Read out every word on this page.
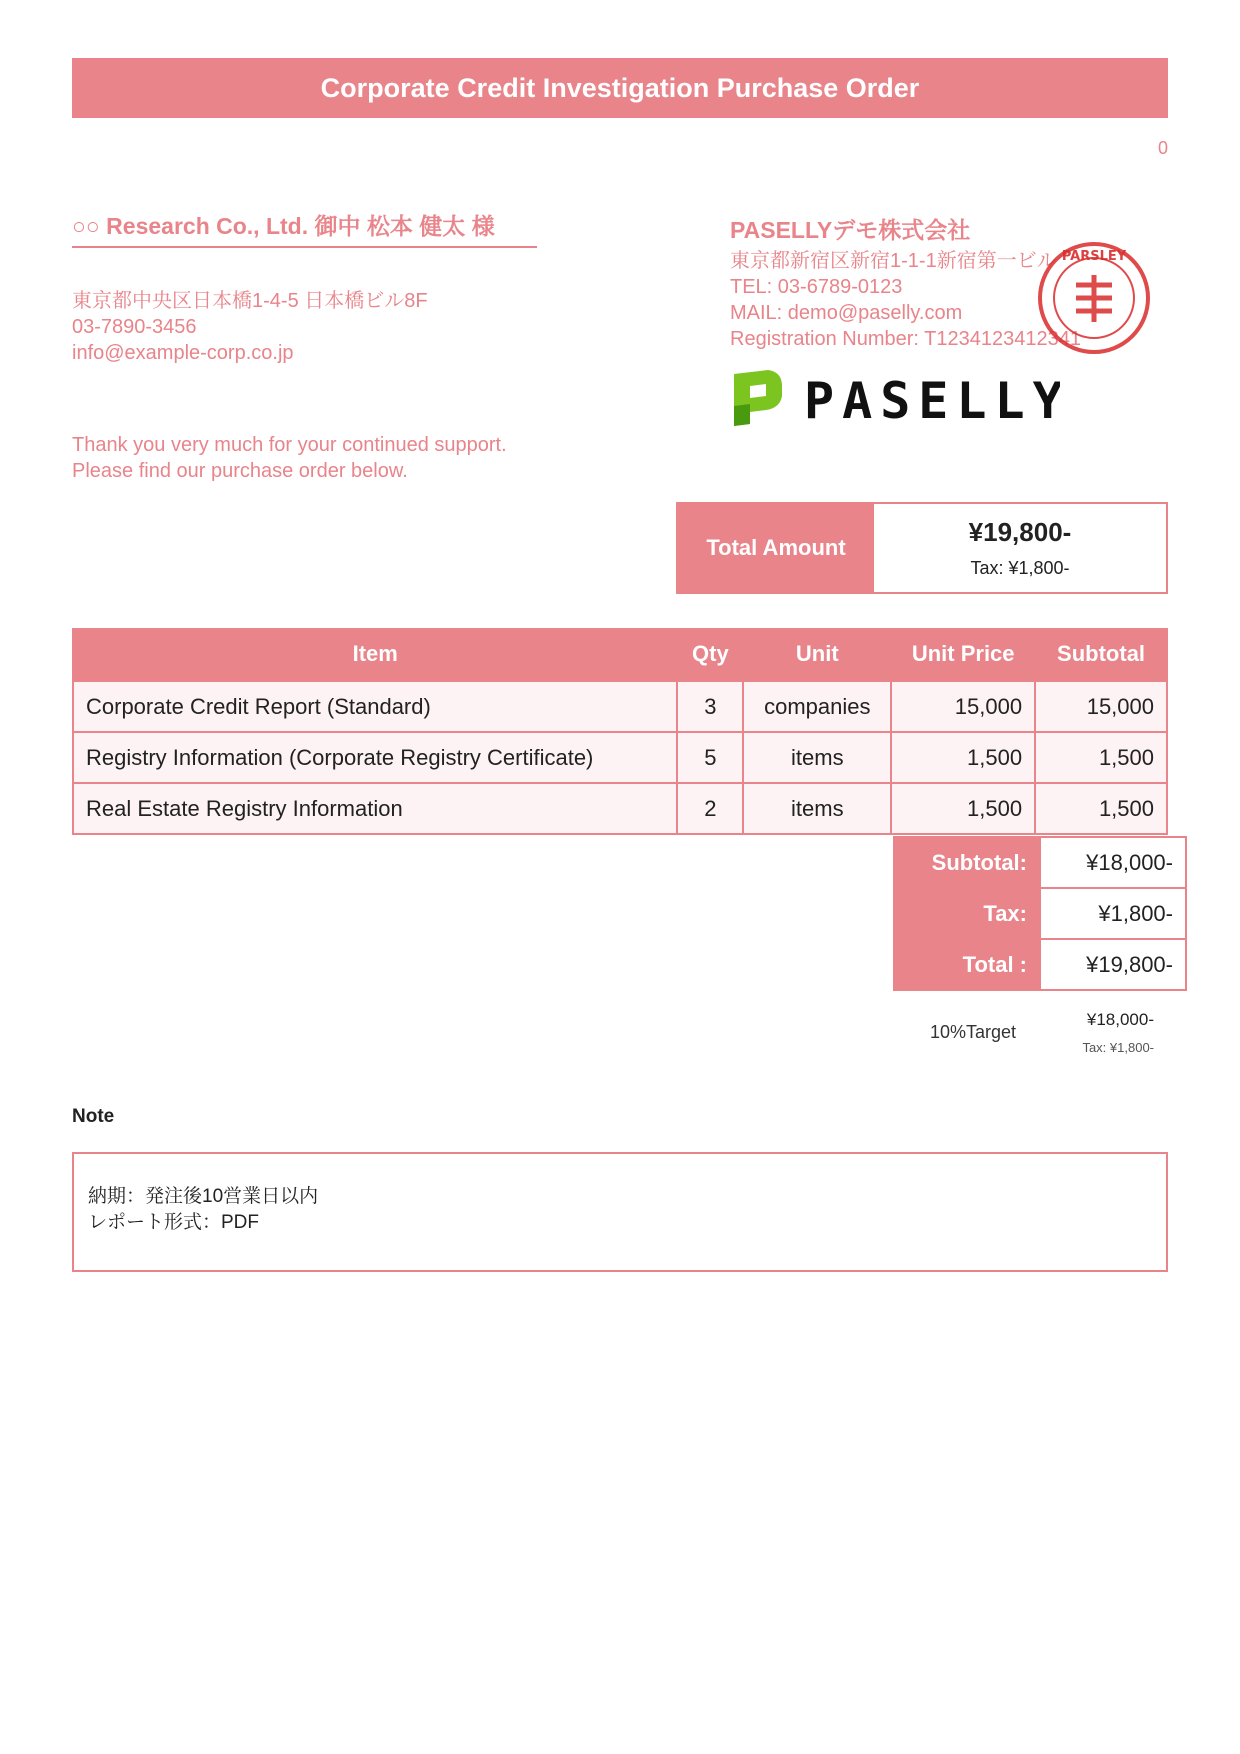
Corporate Credit Investigation Purchase Order
0
○○ Research Co., Ltd. 御中 松本 健太 様
東京都中央区日本橋1-4-5 日本橋ビル8F
03-7890-3456
info@example-corp.co.jp
Thank you very much for your continued support.
Please find our purchase order below.
PASELLYデモ株式会社
東京都新宿区新宿1-1-1新宿第一ビル
TEL: 03-6789-0123
MAIL: demo@paselly.com
Registration Number: T1234123412341
PARSLEY
PASELLY
Total Amount
¥19,800-
Tax: ¥1,800-
Item	Qty	Unit	Unit Price	Subtotal
Corporate Credit Report (Standard)	3	companies	15,000	15,000
Registry Information (Corporate Registry Certificate)	5	items	1,500	1,500
Real Estate Registry Information	2	items	1,500	1,500
Subtotal:	¥18,000-
Tax:	¥1,800-
Total :	¥19,800-
10%Target
¥18,000-
Tax: ¥1,800-
Note
納期：発注後10営業日以内
レポート形式：PDF
